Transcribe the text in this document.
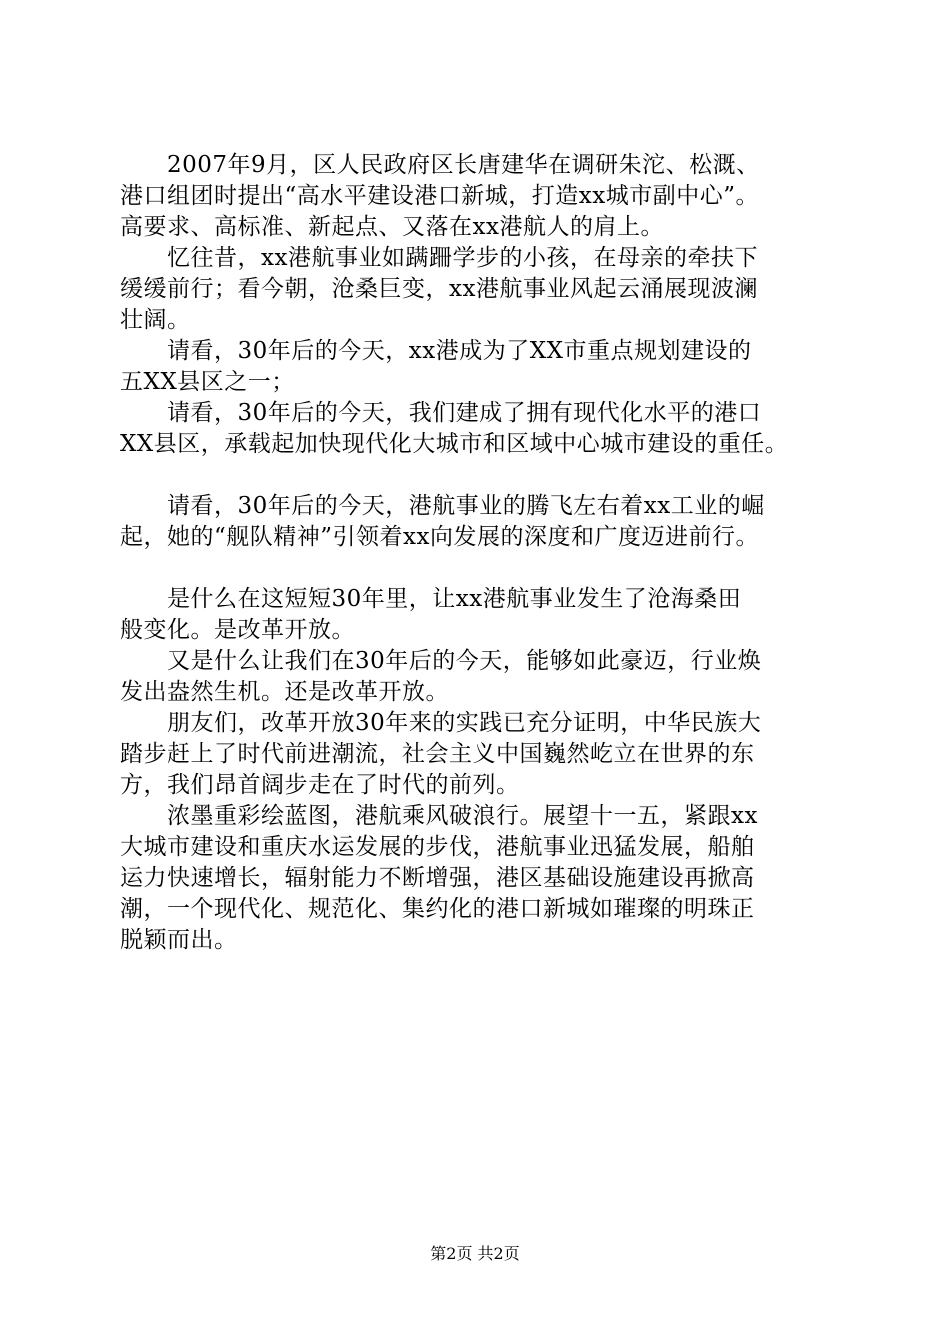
　　2007年9月，区人民政府区长唐建华在调研朱沱、松溉、
港口组团时提出“高水平建设港口新城，打造xx城市副中心”。
高要求、高标准、新起点、又落在xx港航人的肩上。
　　忆往昔，xx港航事业如蹒跚学步的小孩，在母亲的牵扶下
缓缓前行；看今朝，沧桑巨变，xx港航事业风起云涌展现波澜
壮阔。
　　请看，30年后的今天，xx港成为了XX市重点规划建设的
五XX县区之一；
　　请看，30年后的今天，我们建成了拥有现代化水平的港口
XX县区，承载起加快现代化大城市和区域中心城市建设的重任。
　　请看，30年后的今天，港航事业的腾飞左右着xx工业的崛
起，她的“舰队精神”引领着xx向发展的深度和广度迈进前行。
　　是什么在这短短30年里，让xx港航事业发生了沧海桑田
般变化。是改革开放。
　　又是什么让我们在30年后的今天，能够如此豪迈，行业焕
发出盎然生机。还是改革开放。
　　朋友们，改革开放30年来的实践已充分证明，中华民族大
踏步赶上了时代前进潮流，社会主义中国巍然屹立在世界的东
方，我们昂首阔步走在了时代的前列。
　　浓墨重彩绘蓝图，港航乘风破浪行。展望十一五，紧跟xx
大城市建设和重庆水运发展的步伐，港航事业迅猛发展，船舶
运力快速增长，辐射能力不断增强，港区基础设施建设再掀高
潮，一个现代化、规范化、集约化的港口新城如璀璨的明珠正
脱颖而出。
第2页 共2页
